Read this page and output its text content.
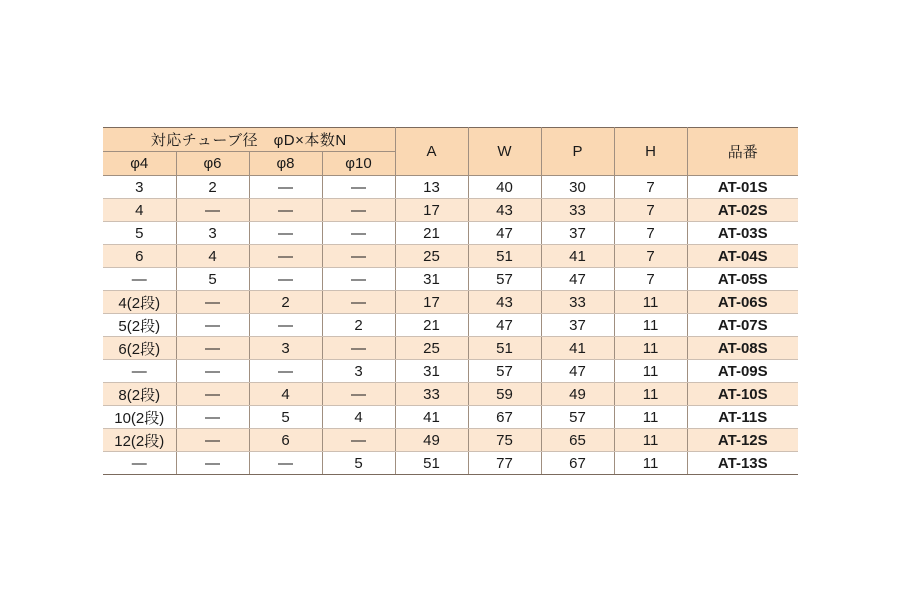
対応チューブ径　φD×本数N				A	W	P	H	品番
φ4	φ6	φ8	φ10					
3	2	—	—	13	40	30	7	AT-01S
4	—	—	—	17	43	33	7	AT-02S
5	3	—	—	21	47	37	7	AT-03S
6	4	—	—	25	51	41	7	AT-04S
—	5	—	—	31	57	47	7	AT-05S
4(2段)	—	2	—	17	43	33	11	AT-06S
5(2段)	—	—	2	21	47	37	11	AT-07S
6(2段)	—	3	—	25	51	41	11	AT-08S
—	—	—	3	31	57	47	11	AT-09S
8(2段)	—	4	—	33	59	49	11	AT-10S
10(2段)	—	5	4	41	67	57	11	AT-11S
12(2段)	—	6	—	49	75	65	11	AT-12S
—	—	—	5	51	77	67	11	AT-13S
